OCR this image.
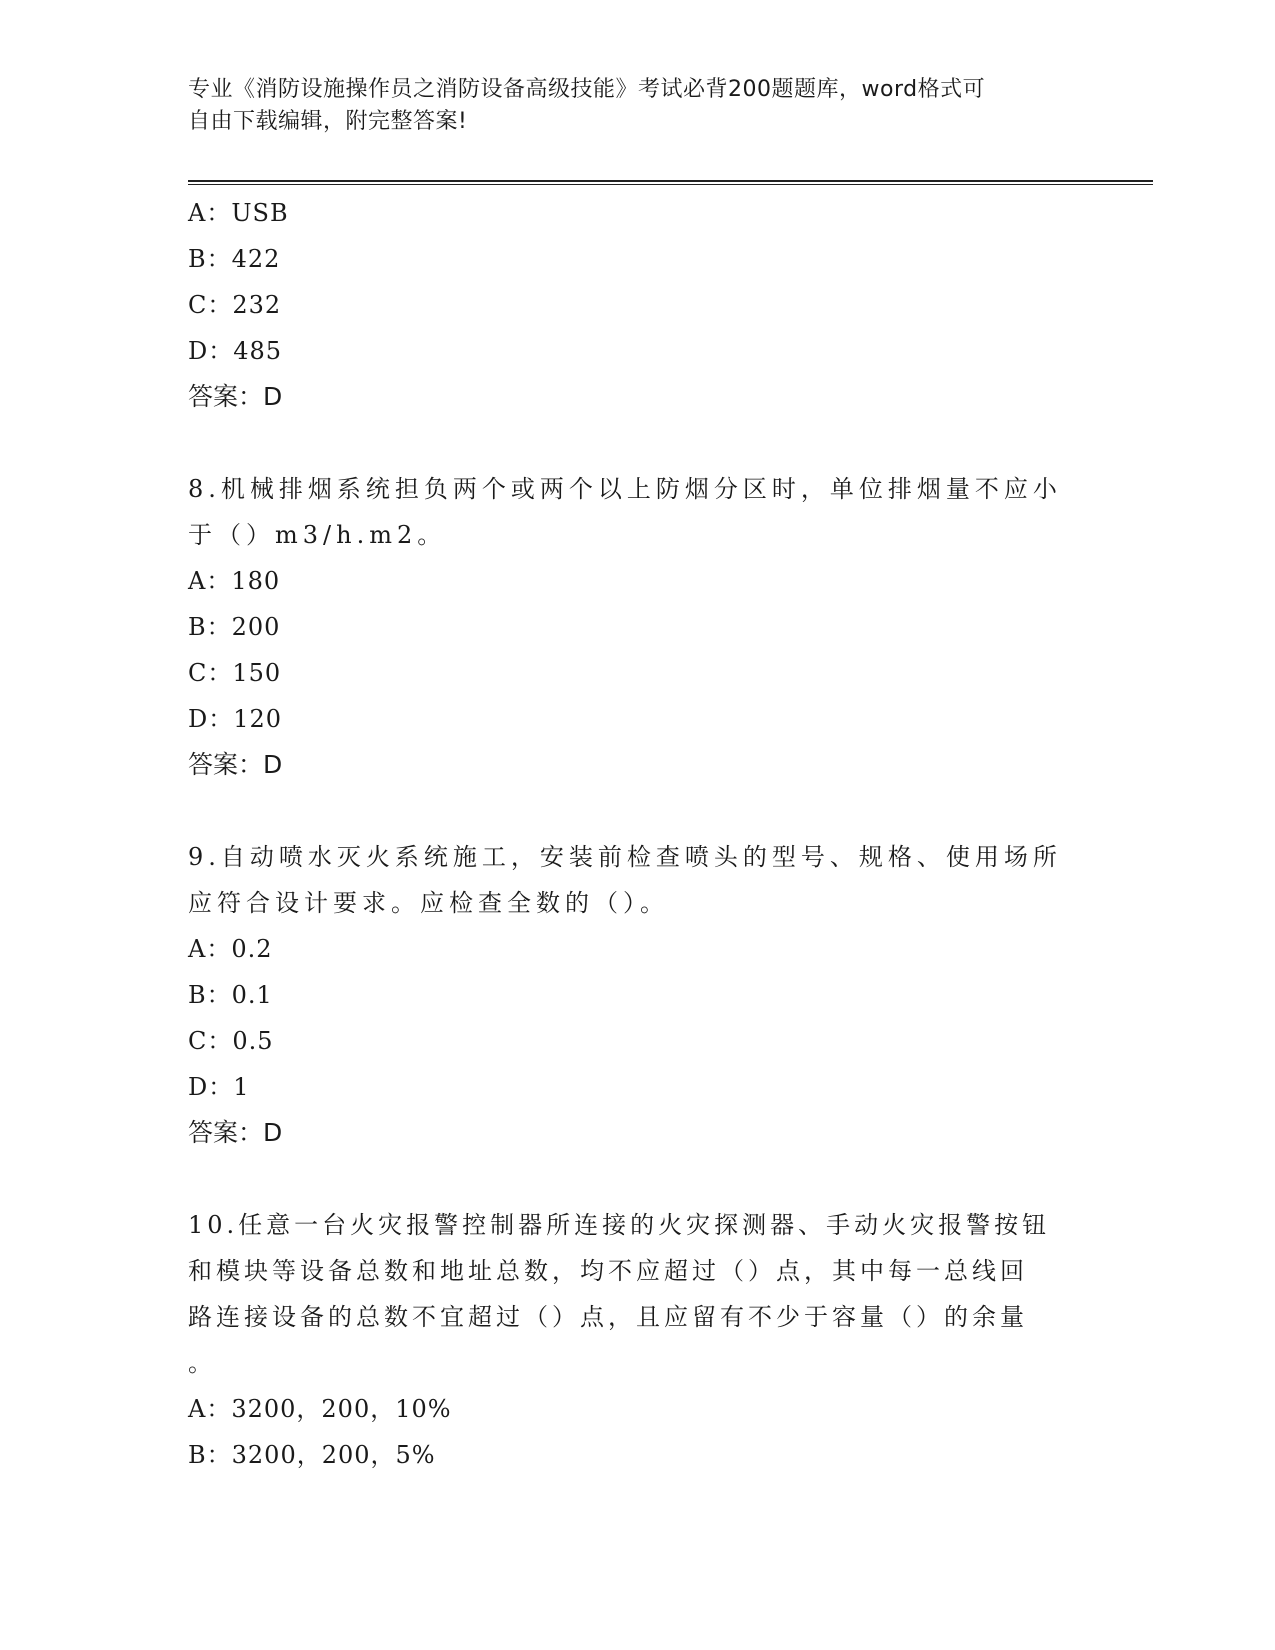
专业《消防设施操作员之消防设备高级技能》考试必背200题题库，word格式可
自由下载编辑，附完整答案!
A：USB
B：422
C：232
D：485
答案：D
8.机械排烟系统担负两个或两个以上防烟分区时，单位排烟量不应小
于（）m3/h.m2。
A：180
B：200
C：150
D：120
答案：D
9.自动喷水灭火系统施工，安装前检查喷头的型号、规格、使用场所
应符合设计要求。应检查全数的（）。
A：0.2
B：0.1
C：0.5
D：1
答案：D
10.任意一台火灾报警控制器所连接的火灾探测器、手动火灾报警按钮
和模块等设备总数和地址总数，均不应超过（）点，其中每一总线回
路连接设备的总数不宜超过（）点，且应留有不少于容量（）的余量
。
A：3200，200，10%
B：3200，200，5%
